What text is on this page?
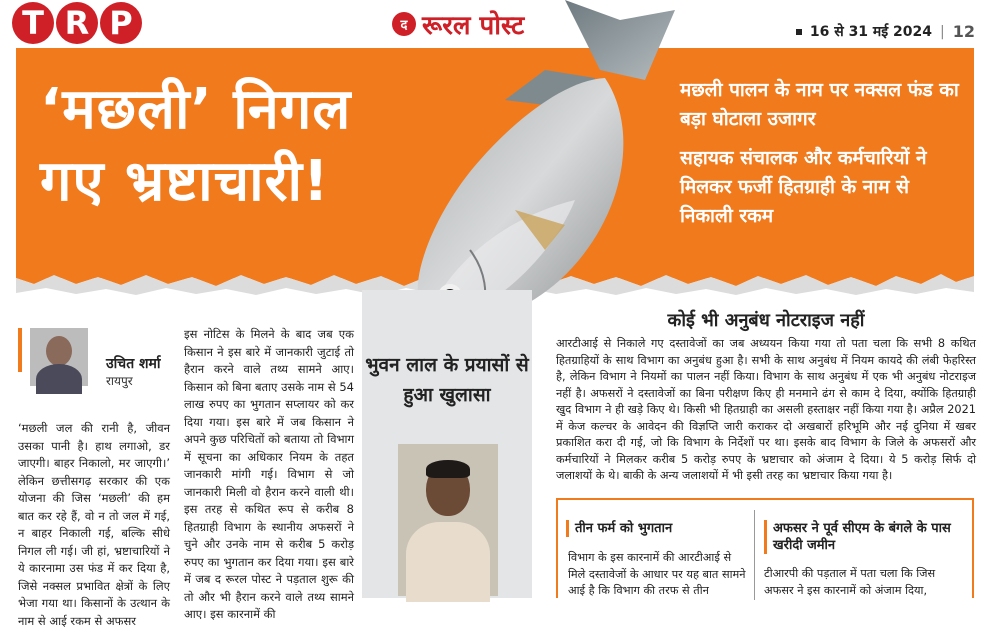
T R P	द रूरल पोस्ट	16 से 31 मई 2024 | 12
‘मछली’ निगल
गए भ्रष्टाचारी!
मछली पालन के नाम पर नक्सल फंड का बड़ा घोटाला उजागर
सहायक संचालक और कर्मचारियों ने मिलकर फर्जी हितग्राही के नाम से निकाली रकम
उचित शर्मा
रायपुर
‘मछली जल की रानी है, जीवन उसका पानी है। हाथ लगाओ, डर जाएगी। बाहर निकालो, मर जाएगी।’ लेकिन छत्तीसगढ़ सरकार की एक योजना की जिस ‘मछली’ की हम बात कर रहे हैं, वो न तो जल में गई, न बाहर निकाली गई, बल्कि सीधे निगल ली गई। जी हां, भ्रष्टाचारियों ने ये कारनामा उस फंड में कर दिया है, जिसे नक्सल प्रभावित क्षेत्रों के लिए भेजा गया था। किसानों के उत्थान के नाम से आई रकम से अफसर
इस नोटिस के मिलने के बाद जब एक किसान ने इस बारे में जानकारी जुटाई तो हैरान करने वाले तथ्य सामने आए। किसान को बिना बताए उसके नाम से 54 लाख रुपए का भुगतान सप्लायर को कर दिया गया। इस बारे में जब किसान ने अपने कुछ परिचितों को बताया तो विभाग में सूचना का अधिकार नियम के तहत जानकारी मांगी गई। विभाग से जो जानकारी मिली वो हैरान करने वाली थी। इस तरह से कथित रूप से करीब 8 हितग्राही विभाग के स्थानीय अफसरों ने चुने और उनके नाम से करीब 5 करोड़ रुपए का भुगतान कर दिया गया। इस बारे में जब द रूरल पोस्ट ने पड़ताल शुरू की तो और भी हैरान करने वाले तथ्य सामने आए। इस कारनामें की
भुवन लाल के प्रयासों से हुआ खुलासा
कोई भी अनुबंध नोटराइज नहीं
आरटीआई से निकाले गए दस्तावेजों का जब अध्ययन किया गया तो पता चला कि सभी 8 कथित हितग्राहियों के साथ विभाग का अनुबंध हुआ है। सभी के साथ अनुबंध में नियम कायदे की लंबी फेहरिस्त है, लेकिन विभाग ने नियमों का पालन नहीं किया। विभाग के साथ अनुबंध में एक भी अनुबंध नोटराइज नहीं है। अफसरों ने दस्तावेजों का बिना परीक्षण किए ही मनमाने ढंग से काम दे दिया, क्योंकि हितग्राही खुद विभाग ने ही खड़े किए थे। किसी भी हितग्राही का असली हस्ताक्षर नहीं किया गया है। अप्रैल 2021 में केज कल्चर के आवेदन की विज्ञप्ति जारी कराकर दो अखबारों हरिभूमि और नई दुनिया में खबर प्रकाशित करा दी गई, जो कि विभाग के निर्देशों पर था। इसके बाद विभाग के जिले के अफसरों और कर्मचारियों ने मिलकर करीब 5 करोड़ रुपए के भ्रष्टाचार को अंजाम दे दिया। ये 5 करोड़ सिर्फ दो जलाशयों के थे। बाकी के अन्य जलाशयों में भी इसी तरह का भ्रष्टाचार किया गया है।
तीन फर्म को भुगतान
विभाग के इस कारनामें की आरटीआई से मिले दस्तावेजों के आधार पर यह बात सामने आई है कि विभाग की तरफ से तीन
अफसर ने पूर्व सीएम के बंगले के पास खरीदी जमीन
टीआरपी की पड़ताल में पता चला कि जिस अफसर ने इस कारनामें को अंजाम दिया,
